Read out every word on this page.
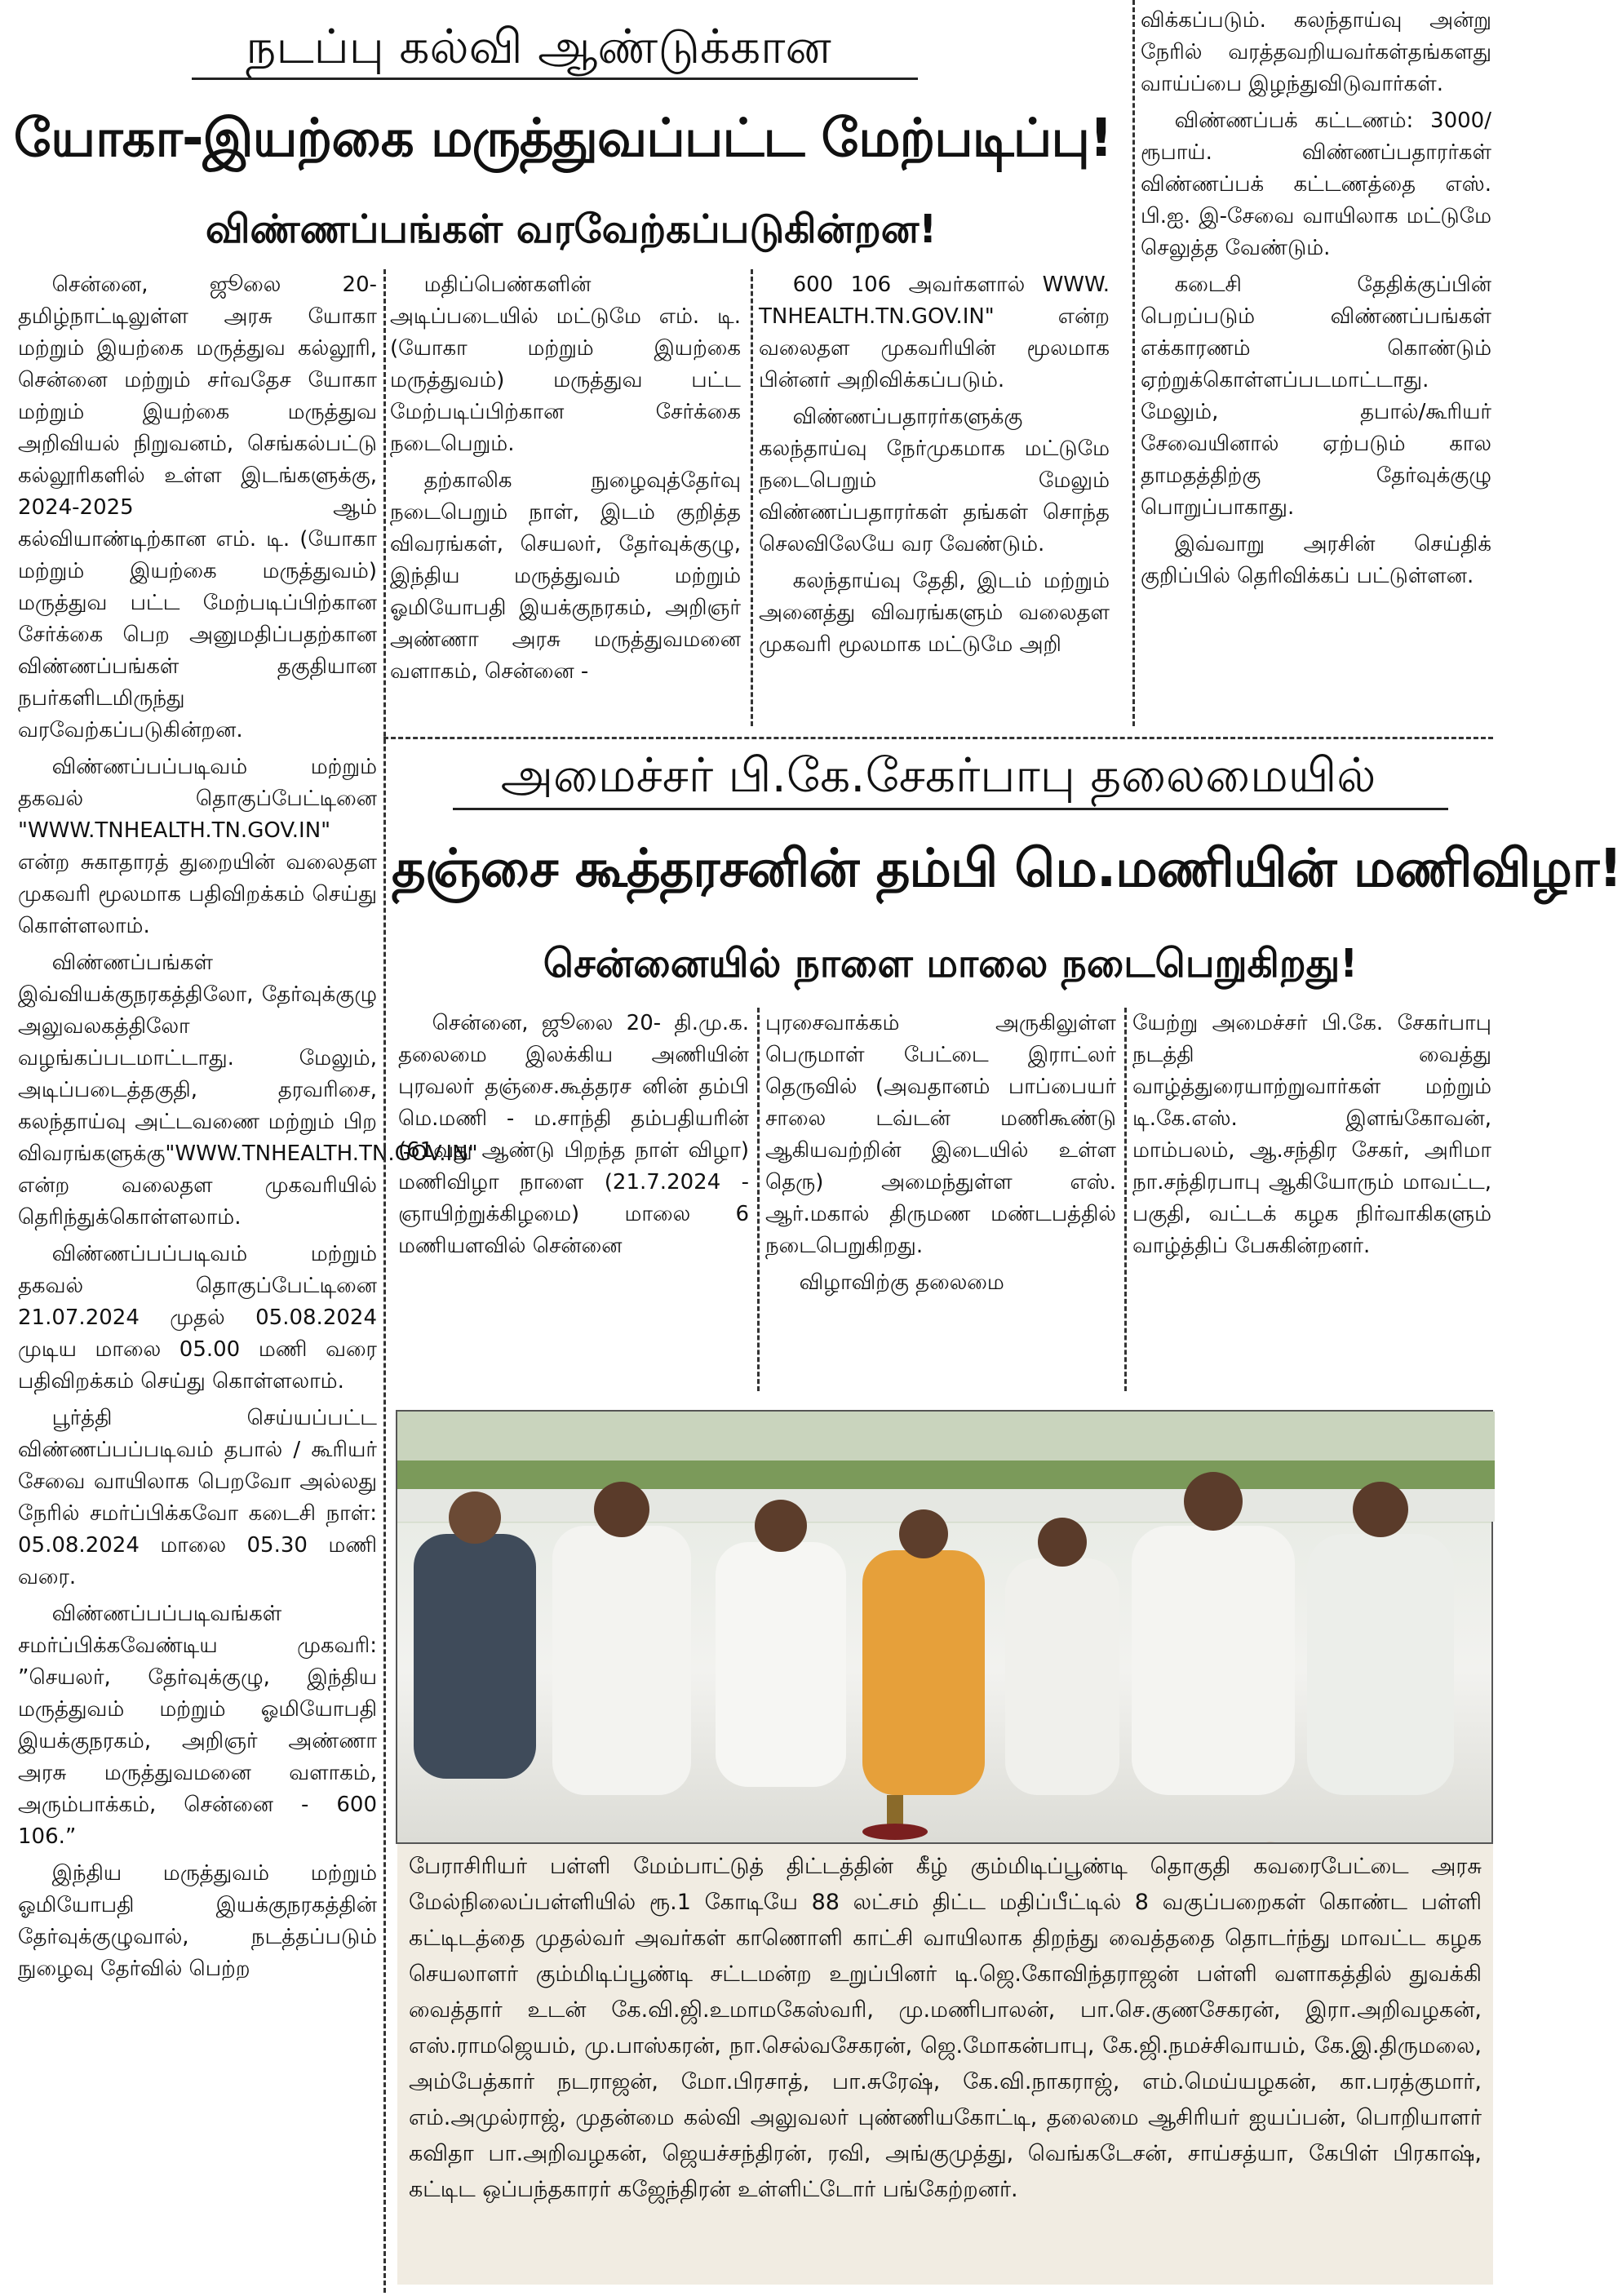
நடப்பு கல்வி ஆண்டுக்கான
யோகா-இயற்கை மருத்துவப்பட்ட மேற்படிப்பு!
விண்ணப்பங்கள் வரவேற்கப்படுகின்றன!

சென்னை, ஜூலை 20- தமிழ்நாட்டிலுள்ள அரசு யோகா மற்றும் இயற்கை மருத்துவ கல்லூரி, சென்னை மற்றும் சர்வதேச யோகா மற்றும் இயற்கை மருத்துவ அறிவியல் நிறுவனம், செங்கல்பட்டு கல்லூரிகளில் உள்ள இடங்களுக்கு, 2024-2025 ஆம் கல்வியாண்டிற்கான எம். டி. (யோகா மற்றும் இயற்கை மருத்துவம்) மருத்துவ பட்ட மேற்படிப்பிற்கான சேர்க்கை பெற அனுமதிப்பதற்கான விண்ணப்பங்கள் தகுதியான நபர்களிடமிருந்து வரவேற்கப்படுகின்றன.

விண்ணப்பப்படிவம் மற்றும் தகவல் தொகுப்பேட்டினை "WWW.TNHEALTH.TN.GOV.IN" என்ற சுகாதாரத் துறையின் வலைதள முகவரி மூலமாக பதிவிறக்கம் செய்து கொள்ளலாம்.

விண்ணப்பங்கள் இவ்வியக்குநரகத்திலோ, தேர்வுக்குழு அலுவலகத்திலோ வழங்கப்படமாட்டாது. மேலும், அடிப்படைத்தகுதி, தரவரிசை, கலந்தாய்வு அட்டவணை மற்றும் பிற விவரங்களுக்கு"WWW.TNHEALTH.TN.GOV.IN" என்ற வலைதள முகவரியில் தெரிந்துக்கொள்ளலாம்.

விண்ணப்பப்படிவம் மற்றும் தகவல் தொகுப்பேட்டினை 21.07.2024 முதல் 05.08.2024 முடிய மாலை 05.00 மணி வரை பதிவிறக்கம் செய்து கொள்ளலாம்.

பூர்த்தி செய்யப்பட்ட விண்ணப்பப்படிவம் தபால் / கூரியர் சேவை வாயிலாக பெறவோ அல்லது நேரில் சமர்ப்பிக்கவோ கடைசி நாள்: 05.08.2024 மாலை 05.30 மணி வரை.

விண்ணப்பப்படிவங்கள் சமர்ப்பிக்கவேண்டிய முகவரி: ”செயலர், தேர்வுக்குழு, இந்திய மருத்துவம் மற்றும் ஓமியோபதி இயக்குநரகம், அறிஞர் அண்ணா அரசு மருத்துவமனை வளாகம், அரும்பாக்கம், சென்னை - 600 106.”

இந்திய மருத்துவம் மற்றும் ஓமியோபதி இயக்குநரகத்தின் தேர்வுக்குழுவால், நடத்தப்படும் நுழைவு தேர்வில் பெற்ற

மதிப்பெண்களின் அடிப்படையில் மட்டுமே எம். டி. (யோகா மற்றும் இயற்கை மருத்துவம்) மருத்துவ பட்ட மேற்படிப்பிற்கான சேர்க்கை நடைபெறும்.

தற்காலிக நுழைவுத்தேர்வு நடைபெறும் நாள், இடம் குறித்த விவரங்கள், செயலர், தேர்வுக்குழு, இந்திய மருத்துவம் மற்றும் ஓமியோபதி இயக்குநரகம், அறிஞர் அண்ணா அரசு மருத்துவமனை வளாகம், சென்னை -

600 106 அவர்களால் WWW. TNHEALTH.TN.GOV.IN" என்ற வலைதள முகவரியின் மூலமாக பின்னர் அறிவிக்கப்படும்.

விண்ணப்பதாரர்களுக்கு கலந்தாய்வு நேர்முகமாக மட்டுமே நடைபெறும் மேலும் விண்ணப்பதாரர்கள் தங்கள் சொந்த செலவிலேயே வர வேண்டும்.

கலந்தாய்வு தேதி, இடம் மற்றும் அனைத்து விவரங்களும் வலைதள முகவரி மூலமாக மட்டுமே அறி

விக்கப்படும். கலந்தாய்வு அன்று நேரில் வரத்தவறியவர்கள்தங்களது வாய்ப்பை இழந்துவிடுவார்கள்.

விண்ணப்பக் கட்டணம்: 3000/ ரூபாய். விண்ணப்பதாரர்கள் விண்ணப்பக் கட்டணத்தை எஸ். பி.ஐ. இ-சேவை வாயிலாக மட்டுமே செலுத்த வேண்டும்.

கடைசி தேதிக்குப்பின் பெறப்படும் விண்ணப்பங்கள் எக்காரணம் கொண்டும் ஏற்றுக்கொள்ளப்படமாட்டாது. மேலும், தபால்/கூரியர் சேவையினால் ஏற்படும் கால தாமதத்திற்கு தேர்வுக்குழு பொறுப்பாகாது.

இவ்வாறு அரசின் செய்திக் குறிப்பில் தெரிவிக்கப் பட்டுள்ளன.

அமைச்சர் பி.கே.சேகர்பாபு தலைமையில்
தஞ்சை கூத்தரசனின் தம்பி மெ.மணியின் மணிவிழா!
சென்னையில் நாளை மாலை நடைபெறுகிறது!

சென்னை, ஜூலை 20- தி.மு.க. தலைமை இலக்கிய அணியின் புரவலர் தஞ்சை.கூத்தரச னின் தம்பி மெ.மணி - ம.சாந்தி தம்பதியரின் (61வது ஆண்டு பிறந்த நாள் விழா) மணிவிழா நாளை (21.7.2024 - ஞாயிற்றுக்கிழமை) மாலை 6 மணியளவில் சென்னை

புரசைவாக்கம் அருகிலுள்ள பெருமாள் பேட்டை இராட்லர் தெருவில் (அவதானம் பாப்பையர் சாலை டவ்டன் மணிகூண்டு ஆகியவற்றின் இடையில் உள்ள தெரு) அமைந்துள்ள எஸ். ஆர்.மகால் திருமண மண்டபத்தில் நடைபெறுகிறது.

விழாவிற்கு தலைமை

யேற்று அமைச்சர் பி.கே. சேகர்பாபு நடத்தி வைத்து வாழ்த்துரையாற்றுவார்கள் மற்றும் டி.கே.எஸ். இளங்கோவன், மாம்பலம், ஆ.சந்திர சேகர், அரிமா நா.சந்திரபாபு ஆகியோரும் மாவட்ட, பகுதி, வட்டக் கழக நிர்வாகிகளும் வாழ்த்திப் பேசுகின்றனர்.

பேராசிரியர் பள்ளி மேம்பாட்டுத் திட்டத்தின் கீழ் கும்மிடிப்பூண்டி தொகுதி கவரைபேட்டை அரசு மேல்நிலைப்பள்ளியில் ரூ.1 கோடியே 88 லட்சம் திட்ட மதிப்பீட்டில் 8 வகுப்பறைகள் கொண்ட பள்ளி கட்டிடத்தை முதல்வர் அவர்கள் காணொளி காட்சி வாயிலாக திறந்து வைத்ததை தொடர்ந்து மாவட்ட கழக செயலாளர் கும்மிடிப்பூண்டி சட்டமன்ற உறுப்பினர் டி.ஜெ.கோவிந்தராஜன் பள்ளி வளாகத்தில் துவக்கி வைத்தார் உடன் கே.வி.ஜி.உமாமகேஸ்வரி, மு.மணிபாலன், பா.செ.குணசேகரன், இரா.அறிவழகன், எஸ்.ராமஜெயம், மு.பாஸ்கரன், நா.செல்வசேகரன், ஜெ.மோகன்பாபு, கே.ஜி.நமச்சிவாயம், கே.இ.திருமலை, அம்பேத்கார் நடராஜன், மோ.பிரசாத், பா.சுரேஷ், கே.வி.நாகராஜ், எம்.மெய்யழகன், கா.பரத்குமார், எம்.அமுல்ராஜ், முதன்மை கல்வி அலுவலர் புண்ணியகோட்டி, தலைமை ஆசிரியர் ஐயப்பன், பொறியாளர் கவிதா பா.அறிவழகன், ஜெயச்சந்திரன், ரவி, அங்குமுத்து, வெங்கடேசன், சாய்சத்யா, கேபிள் பிரகாஷ், கட்டிட ஒப்பந்தகாரர் கஜேந்திரன் உள்ளிட்டோர் பங்கேற்றனர்.
